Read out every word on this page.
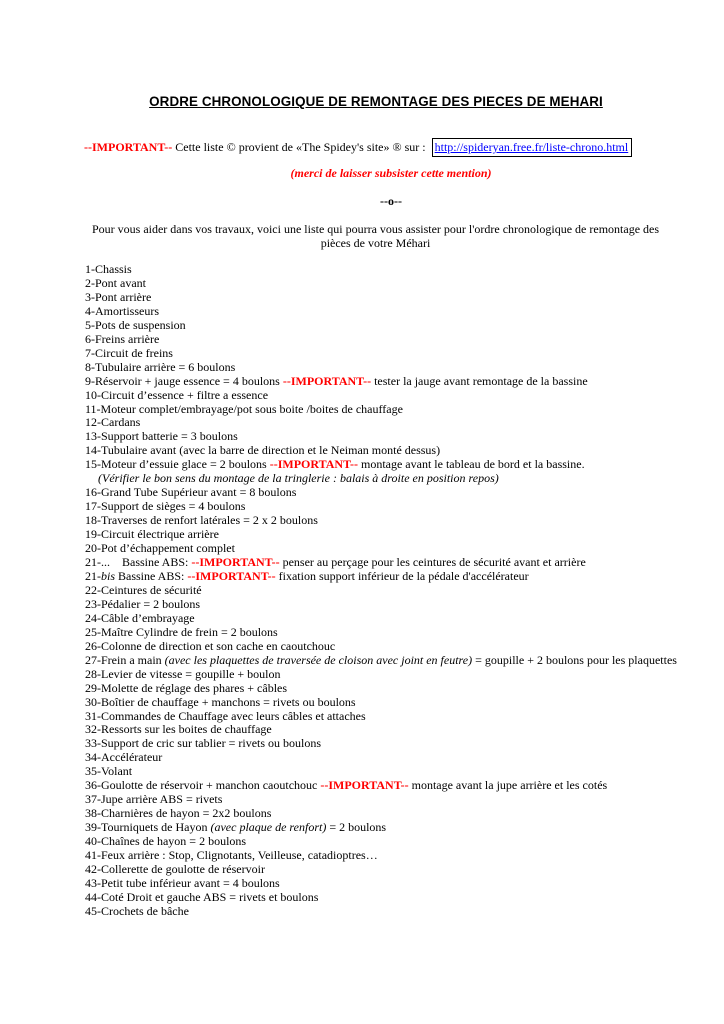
ORDRE CHRONOLOGIQUE DE REMONTAGE DES PIECES DE MEHARI
--IMPORTANT-- Cette liste © provient de «The Spidey's site» ® sur : http://spideryan.free.fr/liste-chrono.html
(merci de laisser subsister cette mention)
--o--
Pour vous aider dans vos travaux, voici une liste qui pourra vous assister pour l'ordre chronologique de remontage des pièces de votre Méhari
1-Chassis
2-Pont avant
3-Pont arrière
4-Amortisseurs
5-Pots de suspension
6-Freins arrière
7-Circuit de freins
8-Tubulaire arrière = 6 boulons
9-Réservoir + jauge essence = 4 boulons --IMPORTANT-- tester la jauge avant remontage de la bassine
10-Circuit d’essence + filtre a essence
11-Moteur complet/embrayage/pot sous boite /boites de chauffage
12-Cardans
13-Support batterie = 3 boulons
14-Tubulaire avant (avec la barre de direction et le Neiman monté dessus)
15-Moteur d’essuie glace = 2 boulons --IMPORTANT-- montage avant le tableau de bord et la bassine.
(Vérifier le bon sens du montage de la tringlerie : balais à droite en position repos)
16-Grand Tube Supérieur avant = 8 boulons
17-Support de sièges = 4 boulons
18-Traverses de renfort latérales = 2 x 2 boulons
19-Circuit électrique arrière
20-Pot d’échappement complet
21-...    Bassine ABS: --IMPORTANT-- penser au perçage pour les ceintures de sécurité avant et arrière
21-bis Bassine ABS: --IMPORTANT-- fixation support inférieur de la pédale d'accélérateur
22-Ceintures de sécurité
23-Pédalier = 2 boulons
24-Câble d’embrayage
25-Maître Cylindre de frein = 2 boulons
26-Colonne de direction et son cache en caoutchouc
27-Frein a main (avec les plaquettes de traversée de cloison avec joint en feutre) = goupille + 2 boulons pour les plaquettes
28-Levier de vitesse = goupille + boulon
29-Molette de réglage des phares + câbles
30-Boîtier de chauffage + manchons = rivets ou boulons
31-Commandes de Chauffage avec leurs câbles et attaches
32-Ressorts sur les boites de chauffage
33-Support de cric sur tablier = rivets ou boulons
34-Accélérateur
35-Volant
36-Goulotte de réservoir + manchon caoutchouc --IMPORTANT-- montage avant la jupe arrière et les cotés
37-Jupe arrière ABS = rivets
38-Charnières de hayon = 2x2 boulons
39-Tourniquets de Hayon (avec plaque de renfort) = 2 boulons
40-Chaînes de hayon = 2 boulons
41-Feux arrière : Stop, Clignotants, Veilleuse, catadioptres…
42-Collerette de goulotte de réservoir
43-Petit tube inférieur avant = 4 boulons
44-Coté Droit et gauche ABS = rivets et boulons
45-Crochets de bâche
